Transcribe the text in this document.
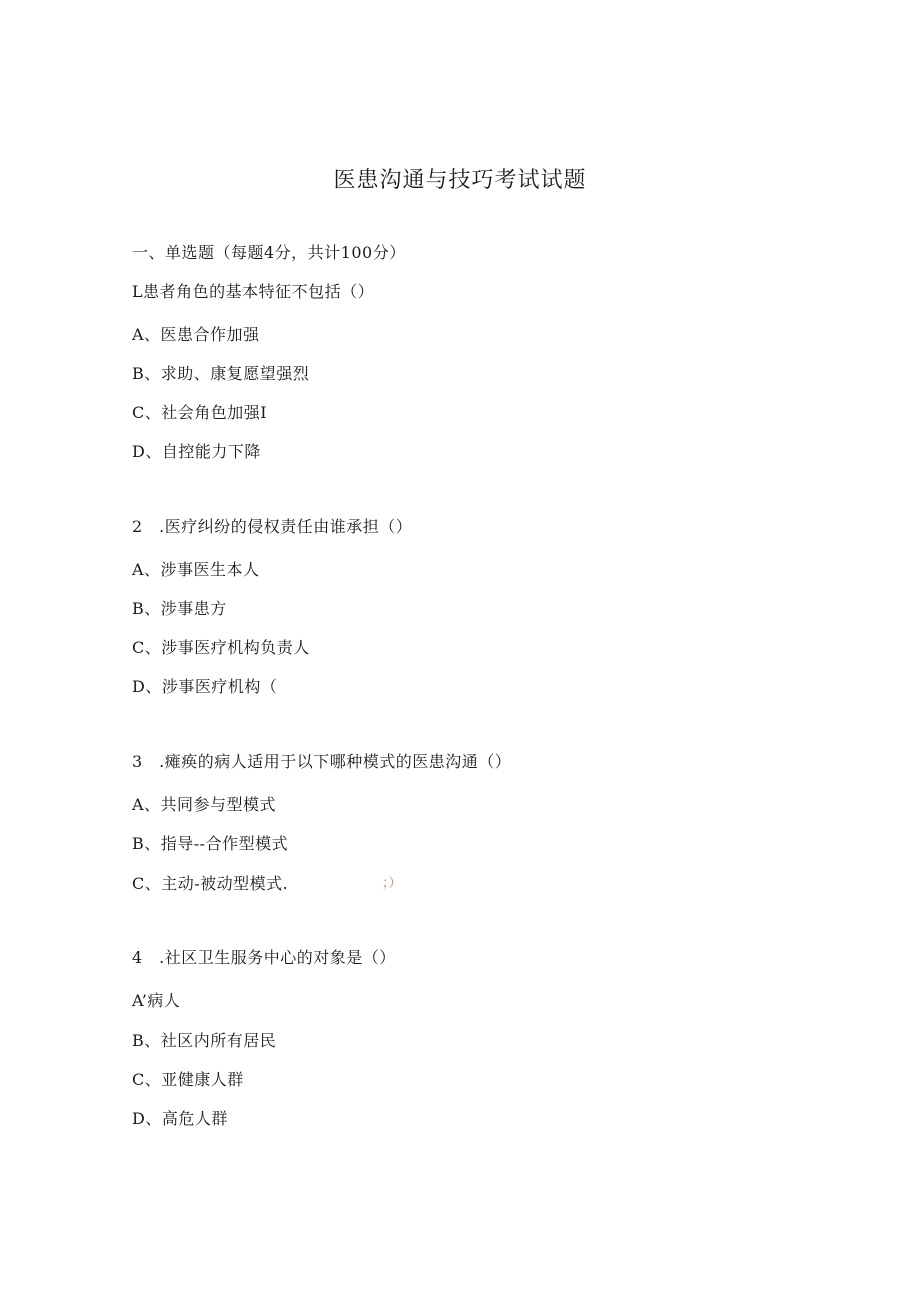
医患沟通与技巧考试试题
一、单选题（每题4分，共计100分）
L患者角色的基本特征不包括（）
A、医患合作加强
B、求助、康复愿望强烈
C、社会角色加强I
D、自控能力下降
2　.医疗纠纷的侵权责任由谁承担（）
A、涉事医生本人
B、涉事患方
C、涉事医疗机构负责人
D、涉事医疗机构（
3　.瘫痪的病人适用于以下哪种模式的医患沟通（）
A、共同参与型模式
B、指导--合作型模式
C、主动-被动型模式.	；）
4　.社区卫生服务中心的对象是（）
A’病人
B、社区内所有居民
C、亚健康人群
D、高危人群
